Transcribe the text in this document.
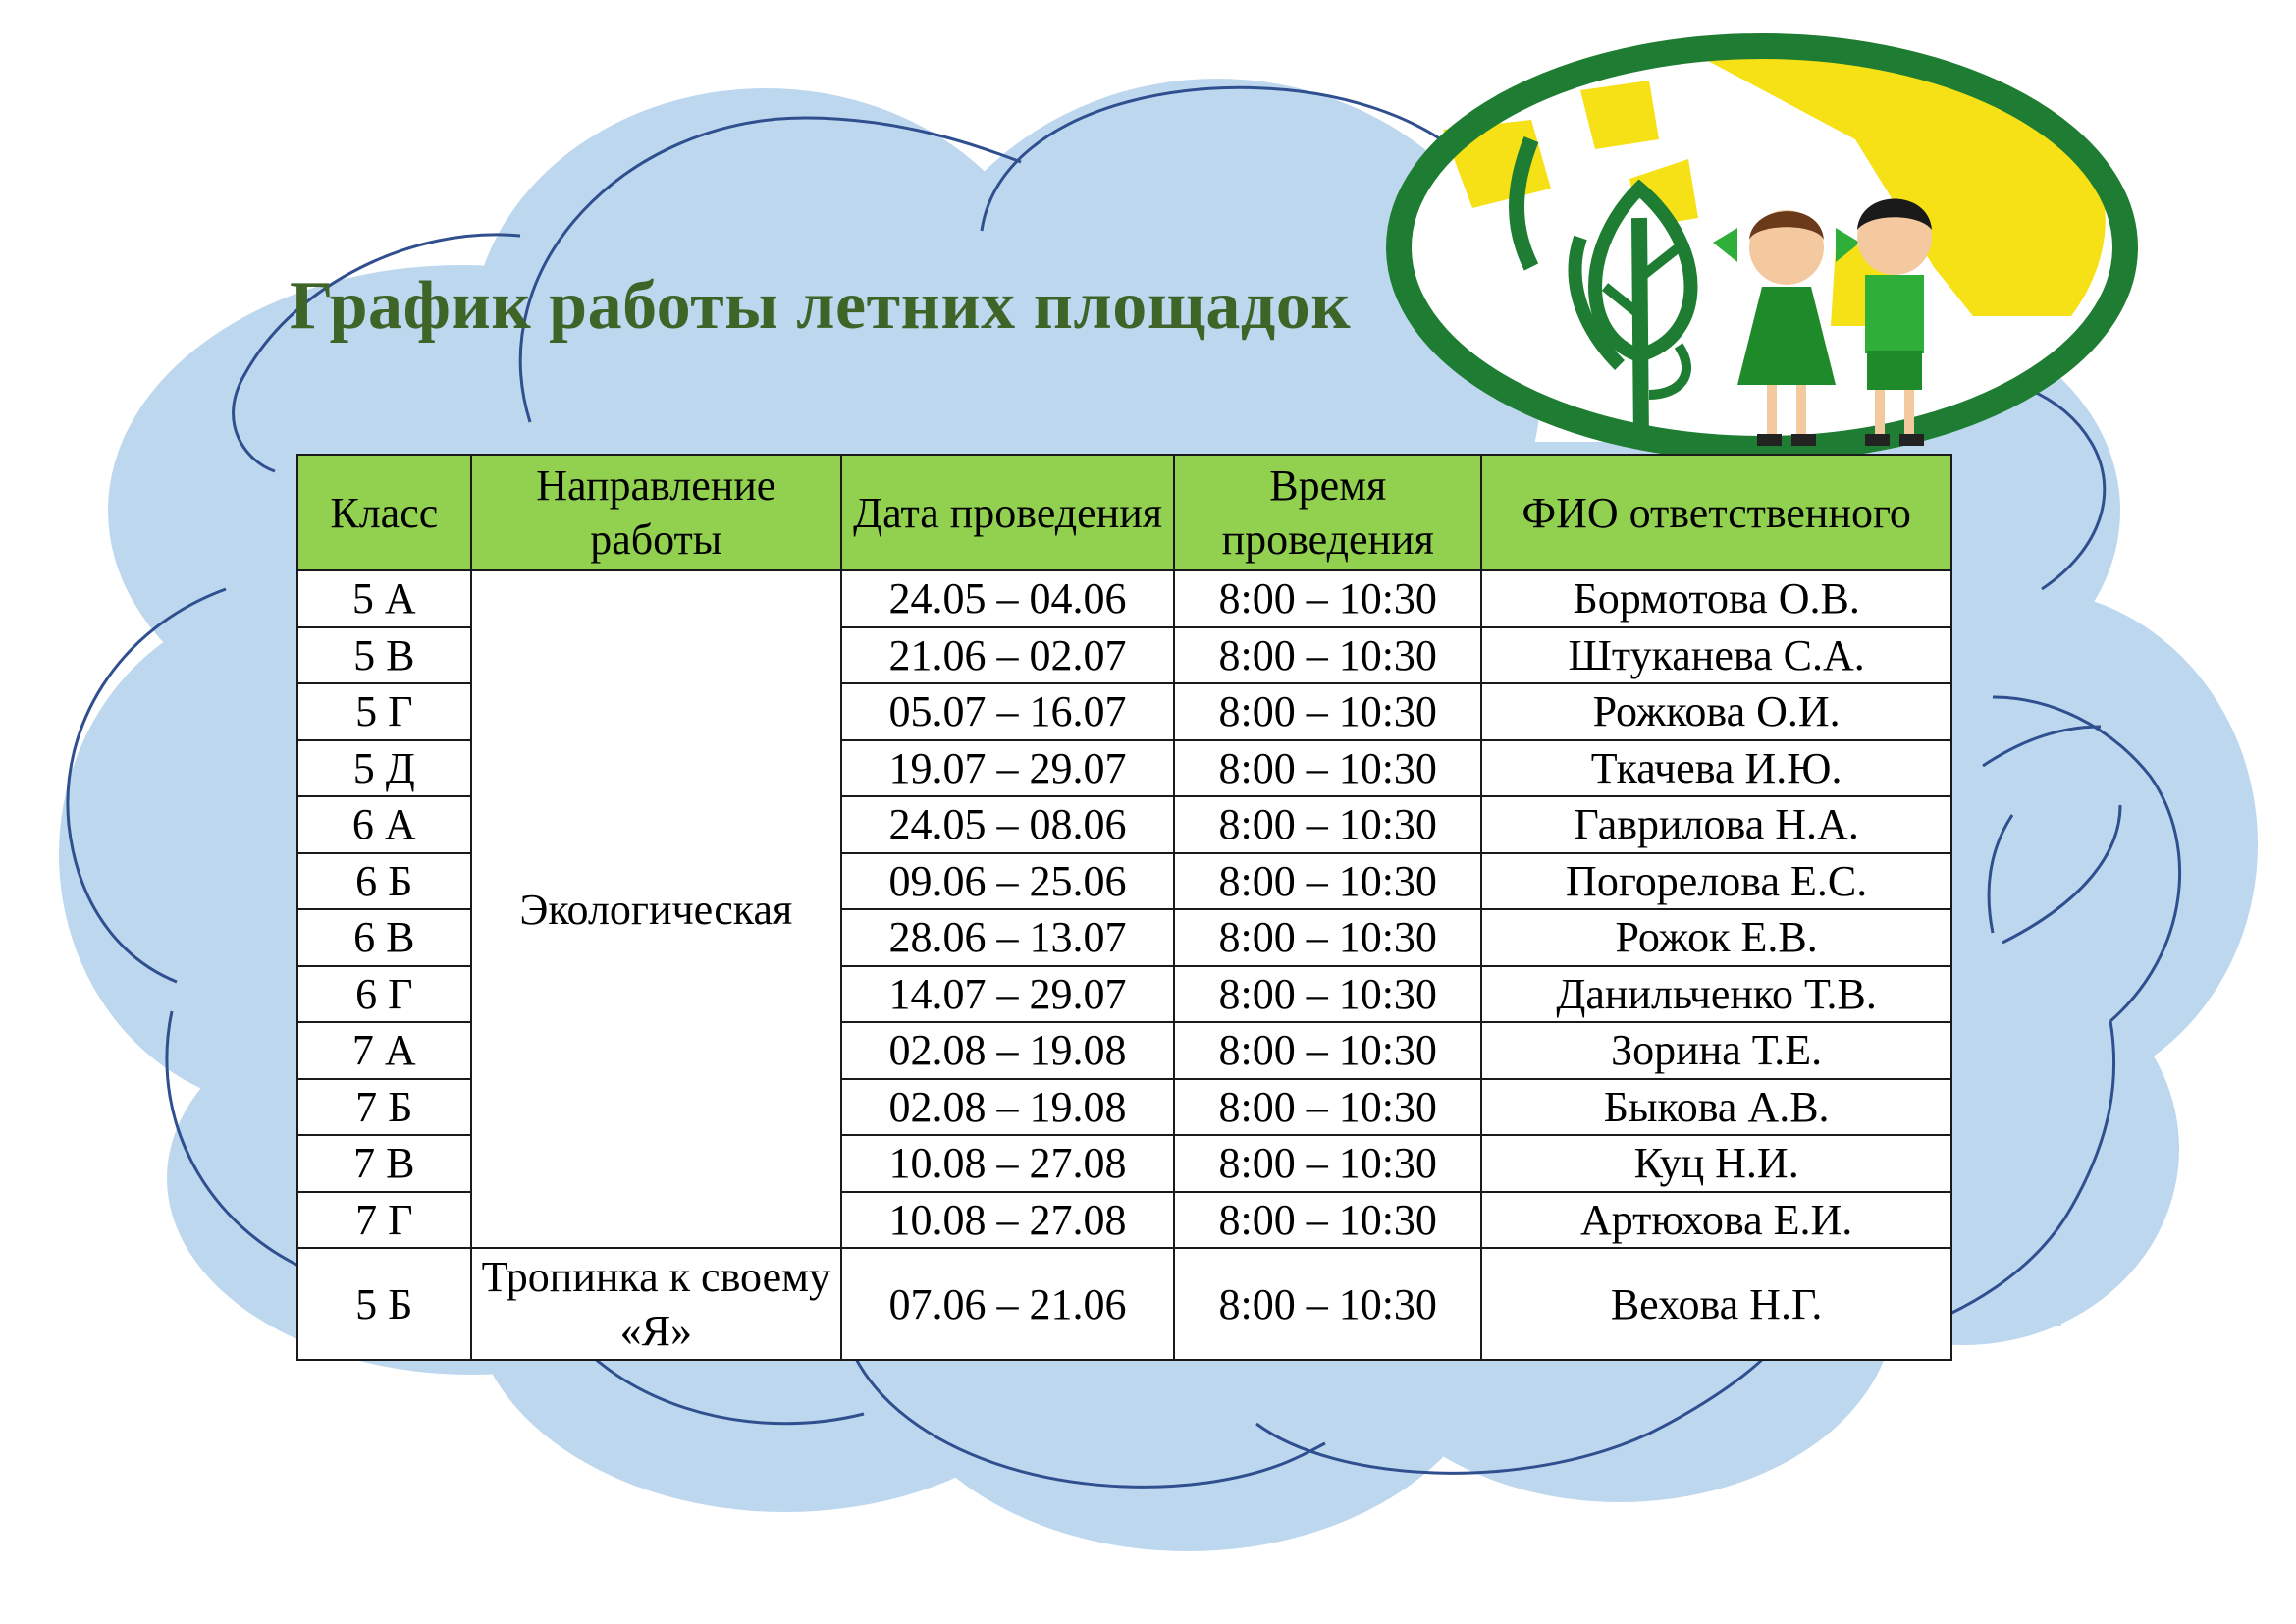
График работы летних площадок
Класс	Направление работы	Дата проведения	Время проведения	ФИО ответственного
5 А	Экологическая	24.05 – 04.06	8:00 – 10:30	Бормотова О.В.
5 В		21.06 – 02.07	8:00 – 10:30	Штуканева С.А.
5 Г		05.07 – 16.07	8:00 – 10:30	Рожкова О.И.
5 Д		19.07 – 29.07	8:00 – 10:30	Ткачева И.Ю.
6 А		24.05 – 08.06	8:00 – 10:30	Гаврилова Н.А.
6 Б		09.06 – 25.06	8:00 – 10:30	Погорелова Е.С.
6 В		28.06 – 13.07	8:00 – 10:30	Рожок Е.В.
6 Г		14.07 – 29.07	8:00 – 10:30	Данильченко Т.В.
7 А		02.08 – 19.08	8:00 – 10:30	Зорина Т.Е.
7 Б		02.08 – 19.08	8:00 – 10:30	Быкова А.В.
7 В		10.08 – 27.08	8:00 – 10:30	Куц Н.И.
7 Г		10.08 – 27.08	8:00 – 10:30	Артюхова Е.И.
5 Б	Тропинка к своему «Я»	07.06 – 21.06	8:00 – 10:30	Вехова Н.Г.
